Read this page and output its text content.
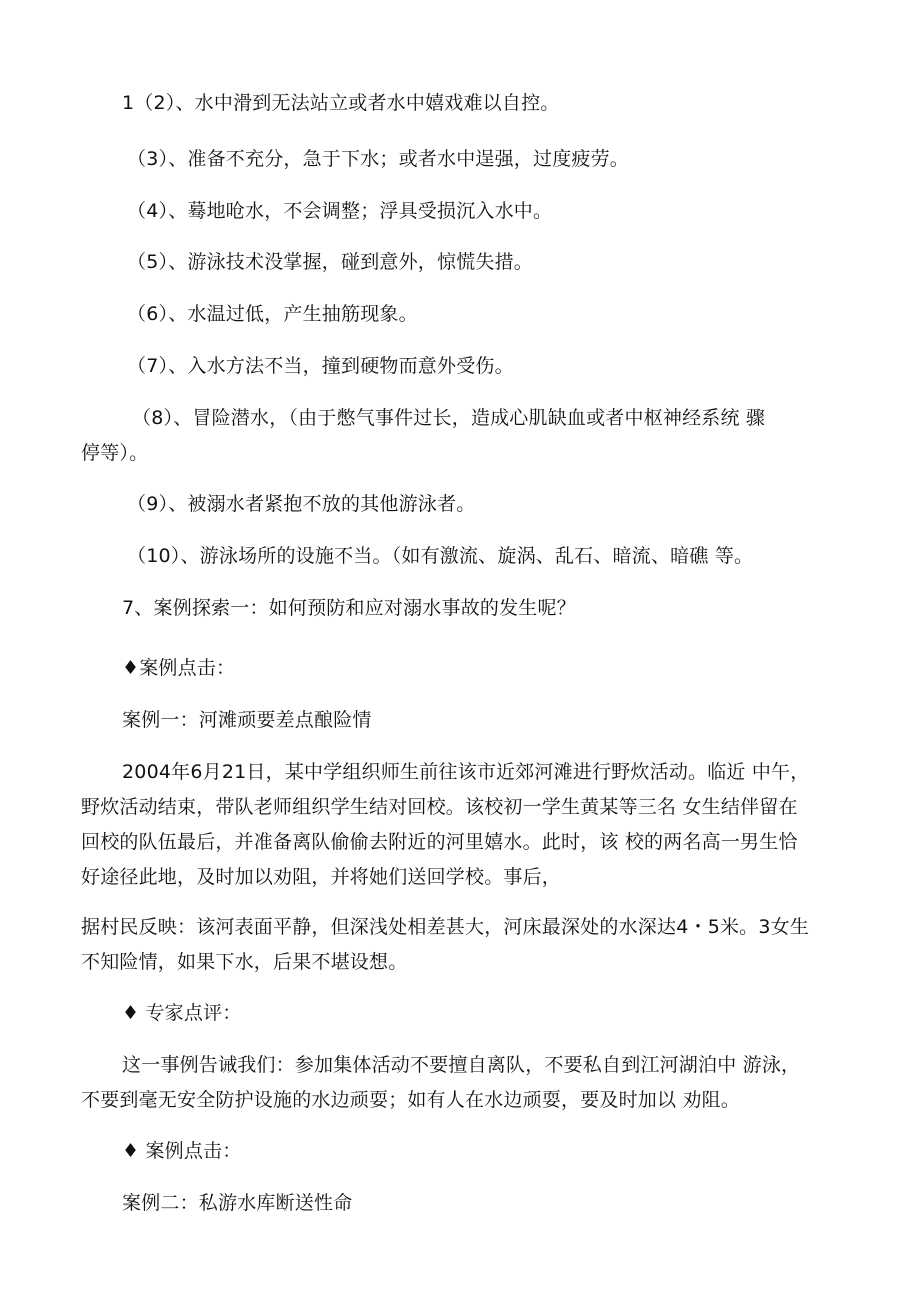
1（2）、水中滑到无法站立或者水中嬉戏难以自控。
（3）、准备不充分，急于下水；或者水中逞强，过度疲劳。
（4）、蓦地呛水，不会调整；浮具受损沉入水中。
（5）、游泳技术没掌握，碰到意外，惊慌失措。
（6）、水温过低，产生抽筋现象。
（7）、入水方法不当，撞到硬物而意外受伤。
（8）、冒险潜水，（由于憋气事件过长，造成心肌缺血或者中枢神经系统 骤
停等）。
（9）、被溺水者紧抱不放的其他游泳者。
（10）、游泳场所的设施不当。（如有激流、旋涡、乱石、暗流、暗礁 等。
7、案例探索一：如何预防和应对溺水事故的发生呢？
♦案例点击：
案例一：河滩顽要差点酿险情
2004年6月21日，某中学组织师生前往该市近郊河滩进行野炊活动。临近 中午，
野炊活动结束，带队老师组织学生结对回校。该校初一学生黄某等三名 女生结伴留在
回校的队伍最后，并准备离队偷偷去附近的河里嬉水。此时，该 校的两名高一男生恰
好途径此地，及时加以劝阻，并将她们送回学校。事后，
据村民反映：该河表面平静，但深浅处相差甚大，河床最深处的水深达4・5米。3女生
不知险情，如果下水，后果不堪设想。
♦ 专家点评：
这一事例告诫我们：参加集体活动不要擅自离队，不要私自到江河湖泊中 游泳，
不要到毫无安全防护设施的水边顽耍；如有人在水边顽耍，要及时加以 劝阻。
♦ 案例点击：
案例二：私游水库断送性命
